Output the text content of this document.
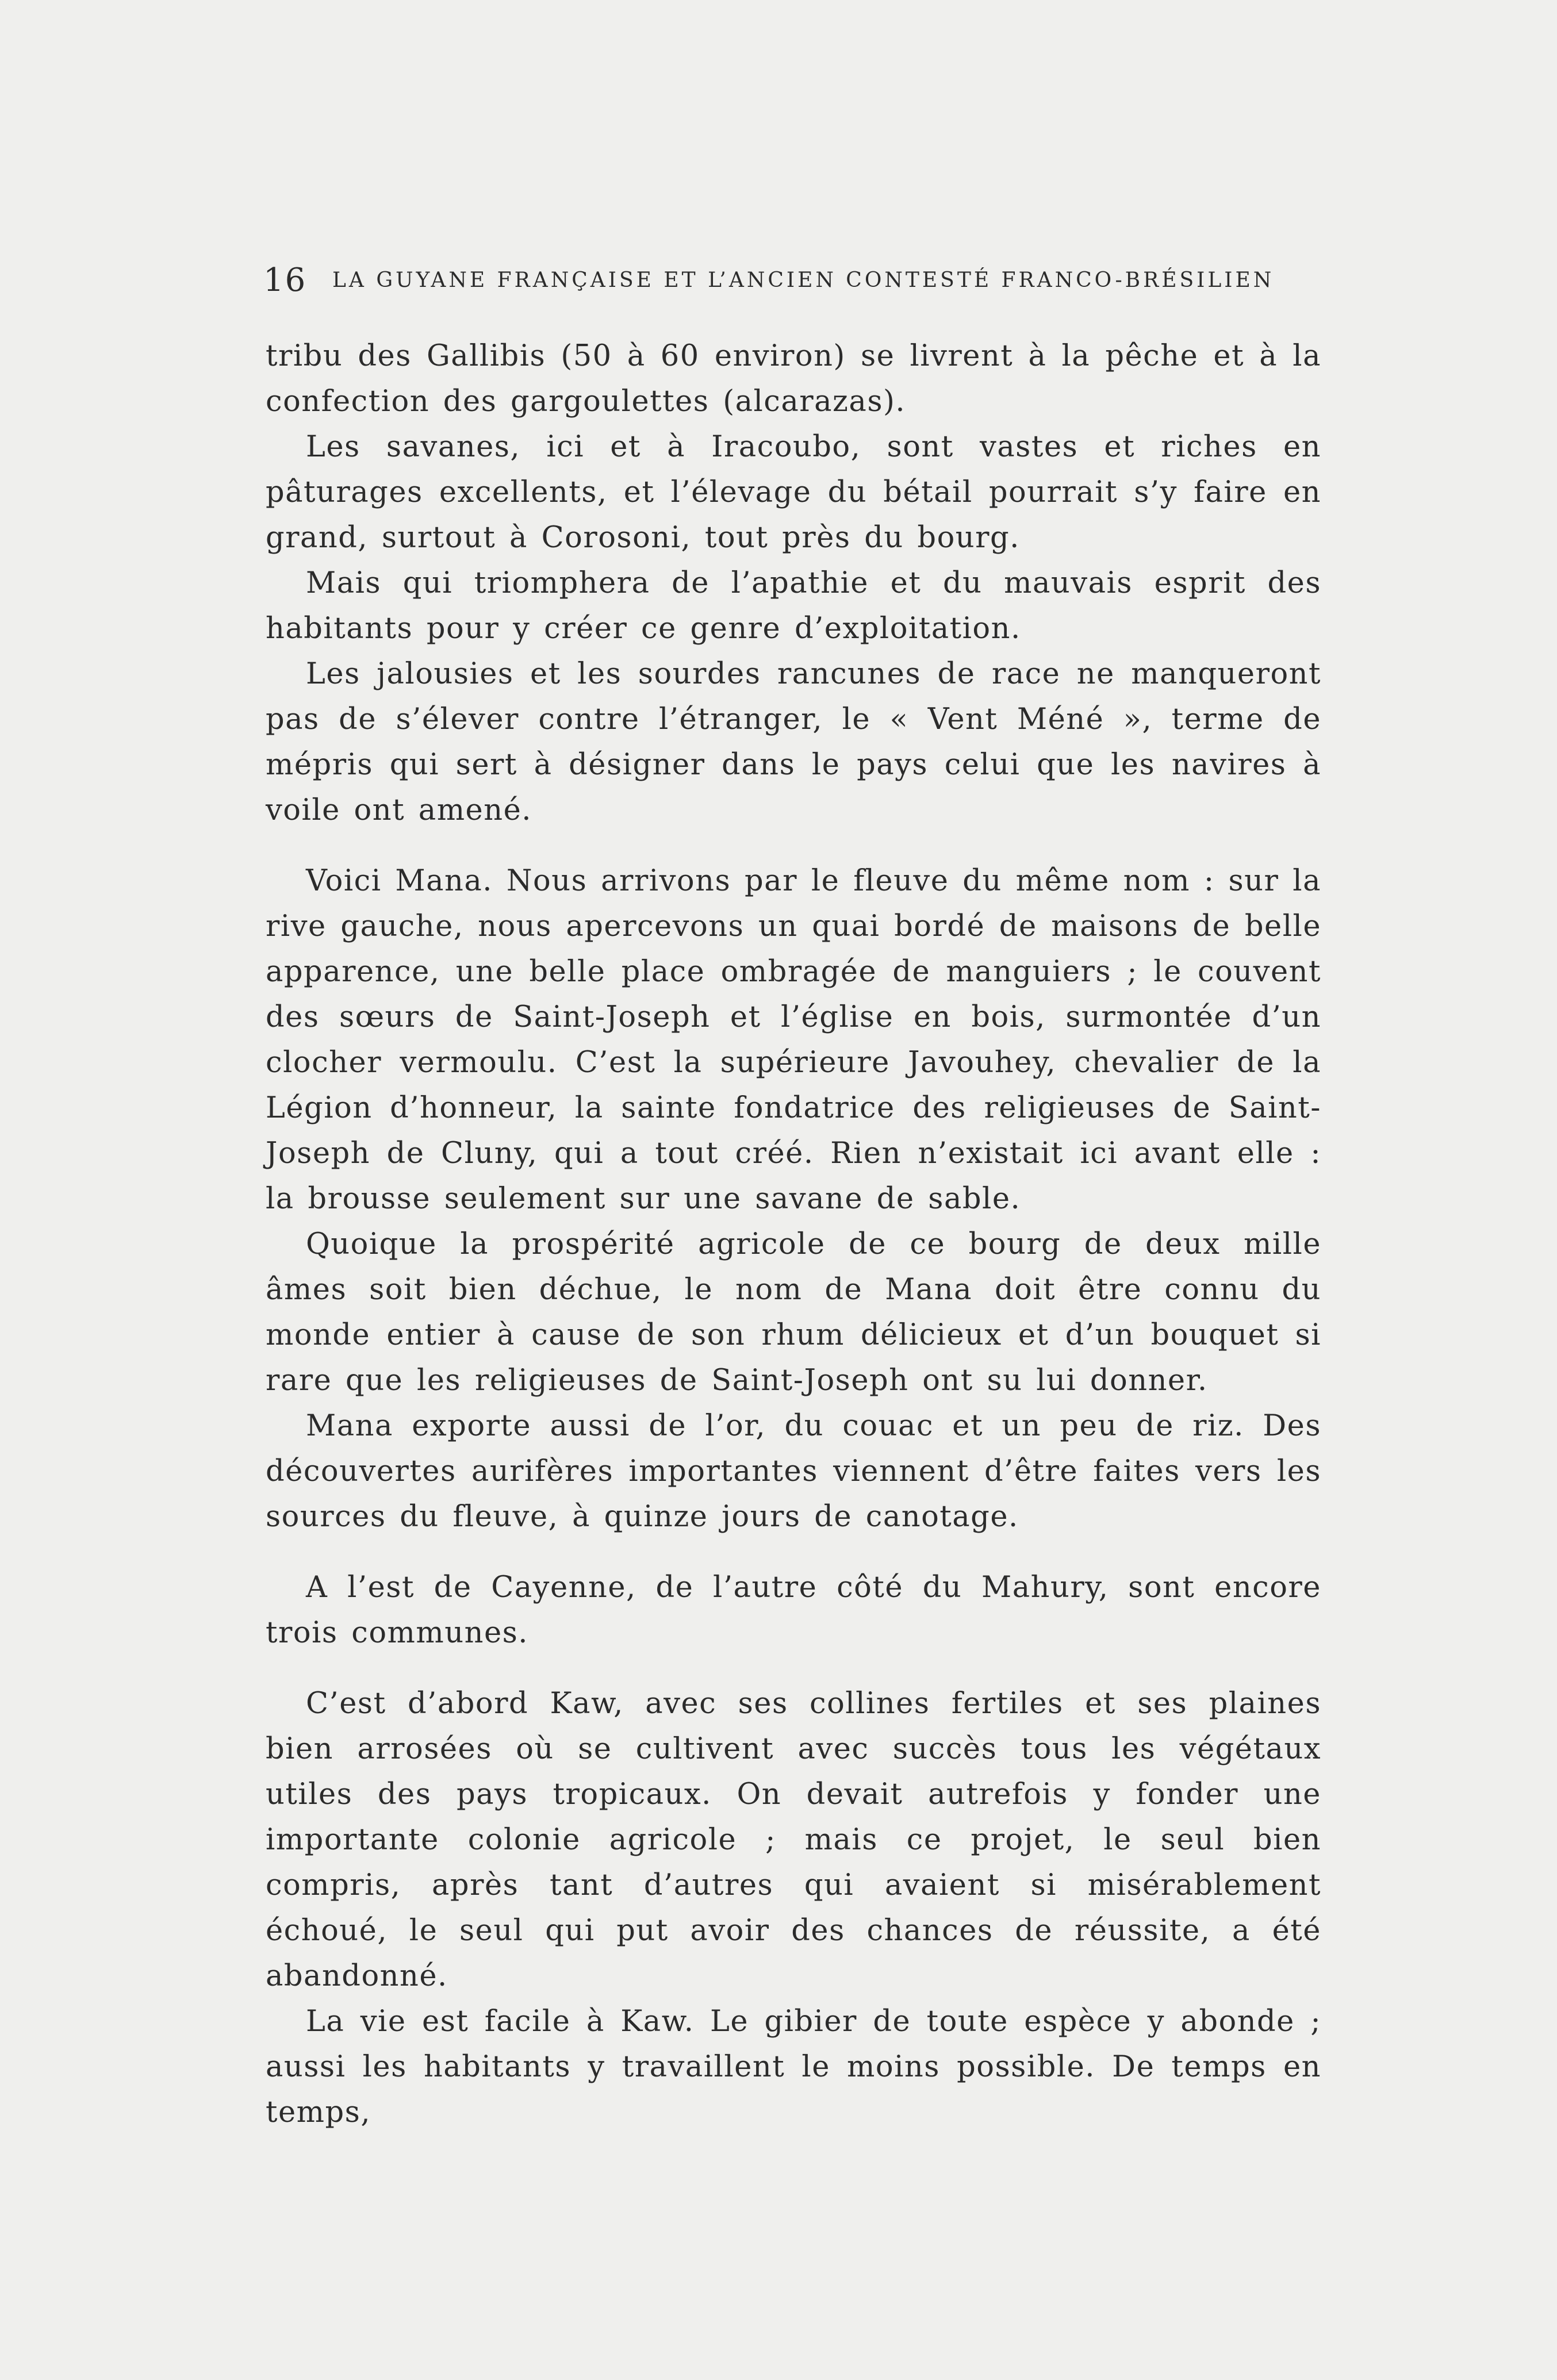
16 LA GUYANE FRANÇAISE ET L’ANCIEN CONTESTÉ FRANCO-BRÉSILIEN

tribu des Gallibis (50 à 60 environ) se livrent à la pêche et à la confection des gargoulettes (alcarazas).

Les savanes, ici et à Iracoubo, sont vastes et riches en pâturages excellents, et l’élevage du bétail pourrait s’y faire en grand, surtout à Corosoni, tout près du bourg.

Mais qui triomphera de l’apathie et du mauvais esprit des habitants pour y créer ce genre d’exploitation.

Les jalousies et les sourdes rancunes de race ne manqueront pas de s’élever contre l’étranger, le « Vent Méné », terme de mépris qui sert à désigner dans le pays celui que les navires à voile ont amené.

Voici Mana. Nous arrivons par le fleuve du même nom : sur la rive gauche, nous apercevons un quai bordé de maisons de belle apparence, une belle place ombragée de manguiers ; le couvent des sœurs de Saint-Joseph et l’église en bois, surmontée d’un clocher vermoulu. C’est la supérieure Javouhey, chevalier de la Légion d’honneur, la sainte fondatrice des religieuses de Saint-Joseph de Cluny, qui a tout créé. Rien n’existait ici avant elle : la brousse seulement sur une savane de sable.

Quoique la prospérité agricole de ce bourg de deux mille âmes soit bien déchue, le nom de Mana doit être connu du monde entier à cause de son rhum délicieux et d’un bouquet si rare que les religieuses de Saint-Joseph ont su lui donner.

Mana exporte aussi de l’or, du couac et un peu de riz. Des découvertes aurifères importantes viennent d’être faites vers les sources du fleuve, à quinze jours de canotage.

A l’est de Cayenne, de l’autre côté du Mahury, sont encore trois communes.

C’est d’abord Kaw, avec ses collines fertiles et ses plaines bien arrosées où se cultivent avec succès tous les végétaux utiles des pays tropicaux. On devait autrefois y fonder une importante colonie agricole ; mais ce projet, le seul bien compris, après tant d’autres qui avaient si misérablement échoué, le seul qui put avoir des chances de réussite, a été abandonné.

La vie est facile à Kaw. Le gibier de toute espèce y abonde ; aussi les habitants y travaillent le moins possible. De temps en temps,
